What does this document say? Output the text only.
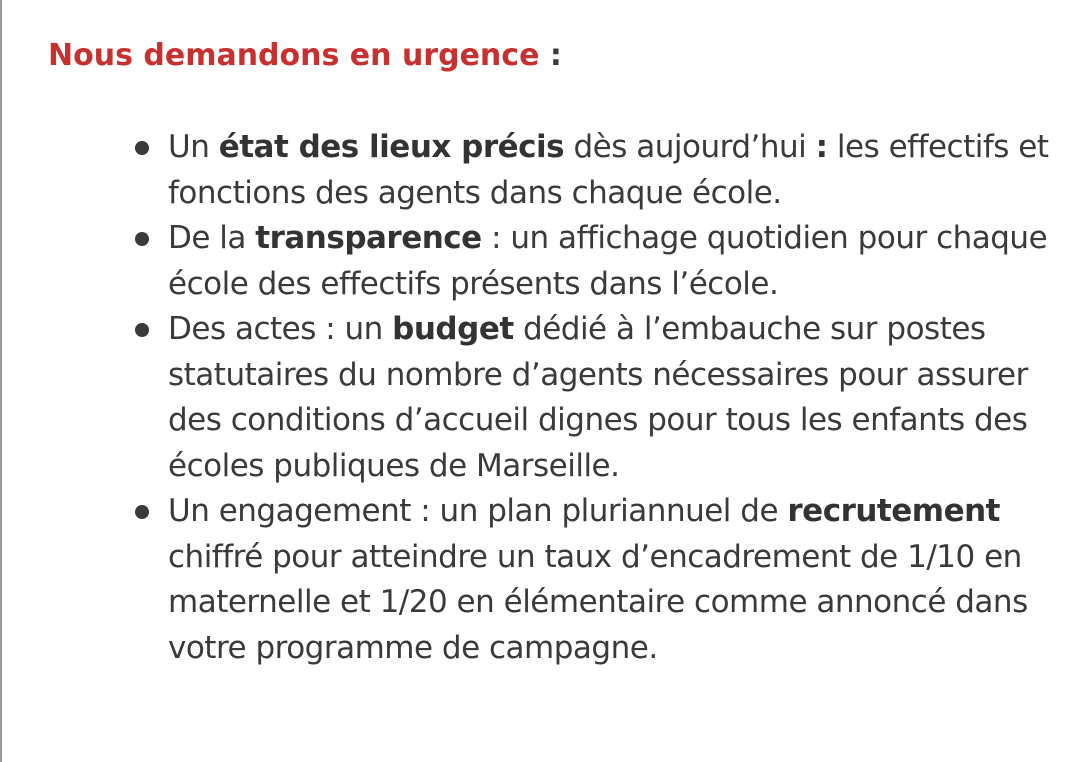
Nous demandons en urgence :
Un état des lieux précis dès aujourd’hui : les effectifs et fonctions des agents dans chaque école.
De la transparence : un affichage quotidien pour chaque école des effectifs présents dans l’école.
Des actes : un budget dédié à l’embauche sur postes statutaires du nombre d’agents nécessaires pour assurer des conditions d’accueil dignes pour tous les enfants des écoles publiques de Marseille.
Un engagement : un plan pluriannuel de recrutement chiffré pour atteindre un taux d’encadrement de 1/10 en maternelle et 1/20 en élémentaire comme annoncé dans votre programme de campagne.
